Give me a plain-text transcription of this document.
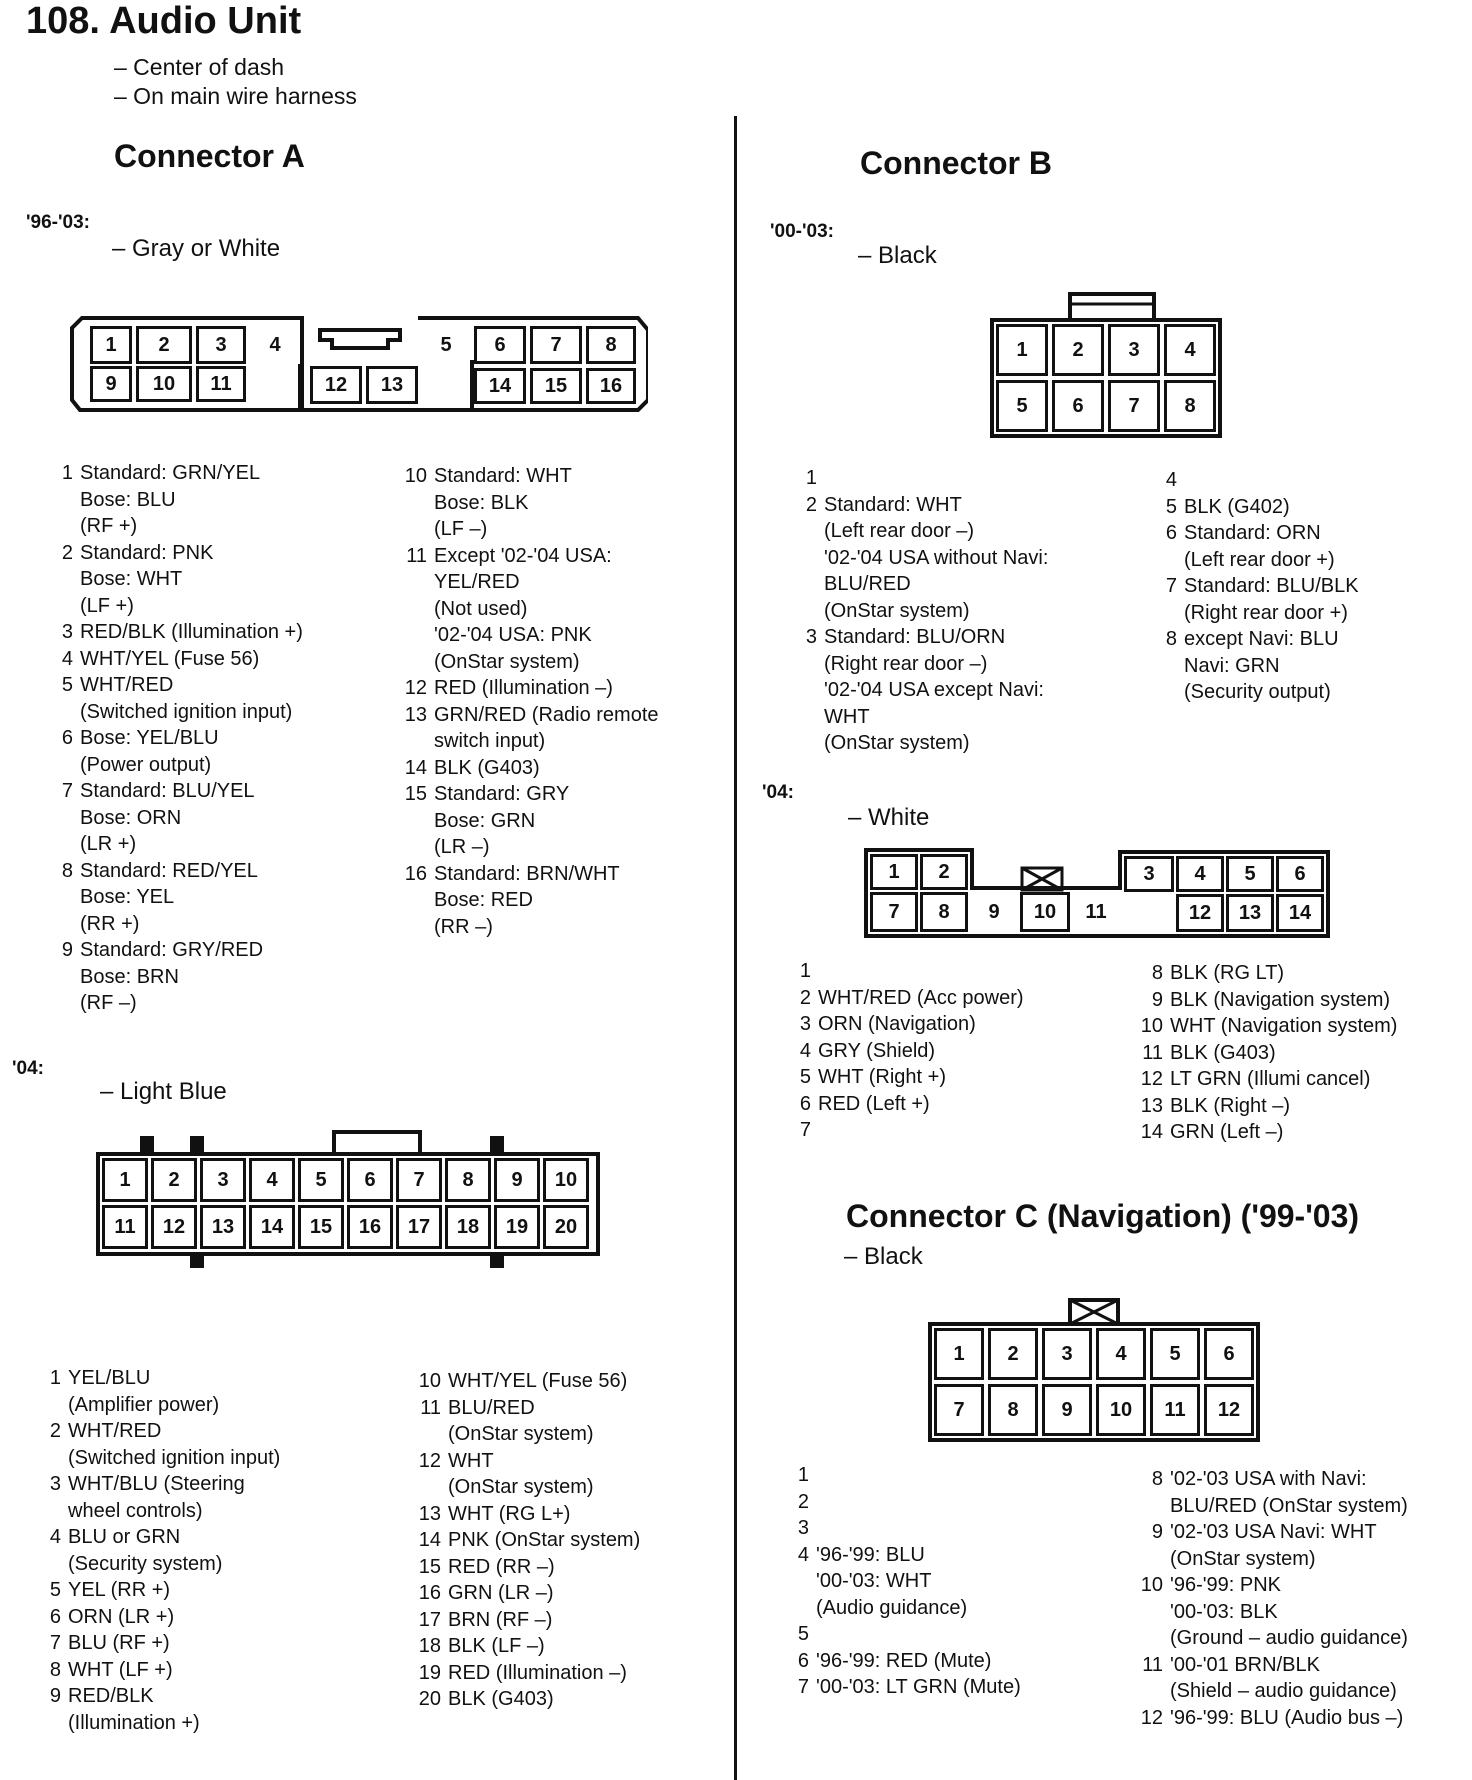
108. Audio Unit
– Center of dash
– On main wire harness
Connector A
'96-'03:
– Gray or White
1	2	3	4
9	10	11	12	13
5	6	7	8
14	15	16
1 Standard: GRN/YEL
Bose: BLU
(RF +)
2 Standard: PNK
Bose: WHT
(LF +)
3 RED/BLK (Illumination +)
4 WHT/YEL (Fuse 56)
5 WHT/RED
(Switched ignition input)
6 Bose: YEL/BLU
(Power output)
7 Standard: BLU/YEL
Bose: ORN
(LR +)
8 Standard: RED/YEL
Bose: YEL
(RR +)
9 Standard: GRY/RED
Bose: BRN
(RF –)
10 Standard: WHT
Bose: BLK
(LF –)
11 Except '02-'04 USA:
YEL/RED
(Not used)
'02-'04 USA: PNK
(OnStar system)
12 RED (Illumination –)
13 GRN/RED (Radio remote
switch input)
14 BLK (G403)
15 Standard: GRY
Bose: GRN
(LR –)
16 Standard: BRN/WHT
Bose: RED
(RR –)
'04:
– Light Blue
1	2	3	4	5	6	7	8	9	10
11	12	13	14	15	16	17	18	19	20
1 YEL/BLU
(Amplifier power)
2 WHT/RED
(Switched ignition input)
3 WHT/BLU (Steering
wheel controls)
4 BLU or GRN
(Security system)
5 YEL (RR +)
6 ORN (LR +)
7 BLU (RF +)
8 WHT (LF +)
9 RED/BLK
(Illumination +)
10 WHT/YEL (Fuse 56)
11 BLU/RED
(OnStar system)
12 WHT
(OnStar system)
13 WHT (RG L+)
14 PNK (OnStar system)
15 RED (RR –)
16 GRN (LR –)
17 BRN (RF –)
18 BLK (LF –)
19 RED (Illumination –)
20 BLK (G403)
Connector B
'00-'03:
– Black
1	2	3	4
5	6	7	8
1

2 Standard: WHT
(Left rear door –)
'02-'04 USA without Navi:
BLU/RED
(OnStar system)
3 Standard: BLU/ORN
(Right rear door –)
'02-'04 USA except Navi:
WHT
(OnStar system)
4

5 BLK (G402)
6 Standard: ORN
(Left rear door +)
7 Standard: BLU/BLK
(Right rear door +)
8 except Navi: BLU
Navi: GRN
(Security output)
'04:
– White
1	2	3	4	5	6
7	8	9	10	11	12	13	14
1

2 WHT/RED (Acc power)
3 ORN (Navigation)
4 GRY (Shield)
5 WHT (Right +)
6 RED (Left +)
7

8 BLK (RG LT)
9 BLK (Navigation system)
10 WHT (Navigation system)
11 BLK (G403)
12 LT GRN (Illumi cancel)
13 BLK (Right –)
14 GRN (Left –)
Connector C (Navigation) ('99-'03)
– Black
1	2	3	4	5	6
7	8	9	10	11	12
1

2

3

4 '96-'99: BLU
'00-'03: WHT
(Audio guidance)
5

6 '96-'99: RED (Mute)
7 '00-'03: LT GRN (Mute)
8 '02-'03 USA with Navi:
BLU/RED (OnStar system)
9 '02-'03 USA Navi: WHT
(OnStar system)
10 '96-'99: PNK
'00-'03: BLK
(Ground – audio guidance)
11 '00-'01 BRN/BLK
(Shield – audio guidance)
12 '96-'99: BLU (Audio bus –)
